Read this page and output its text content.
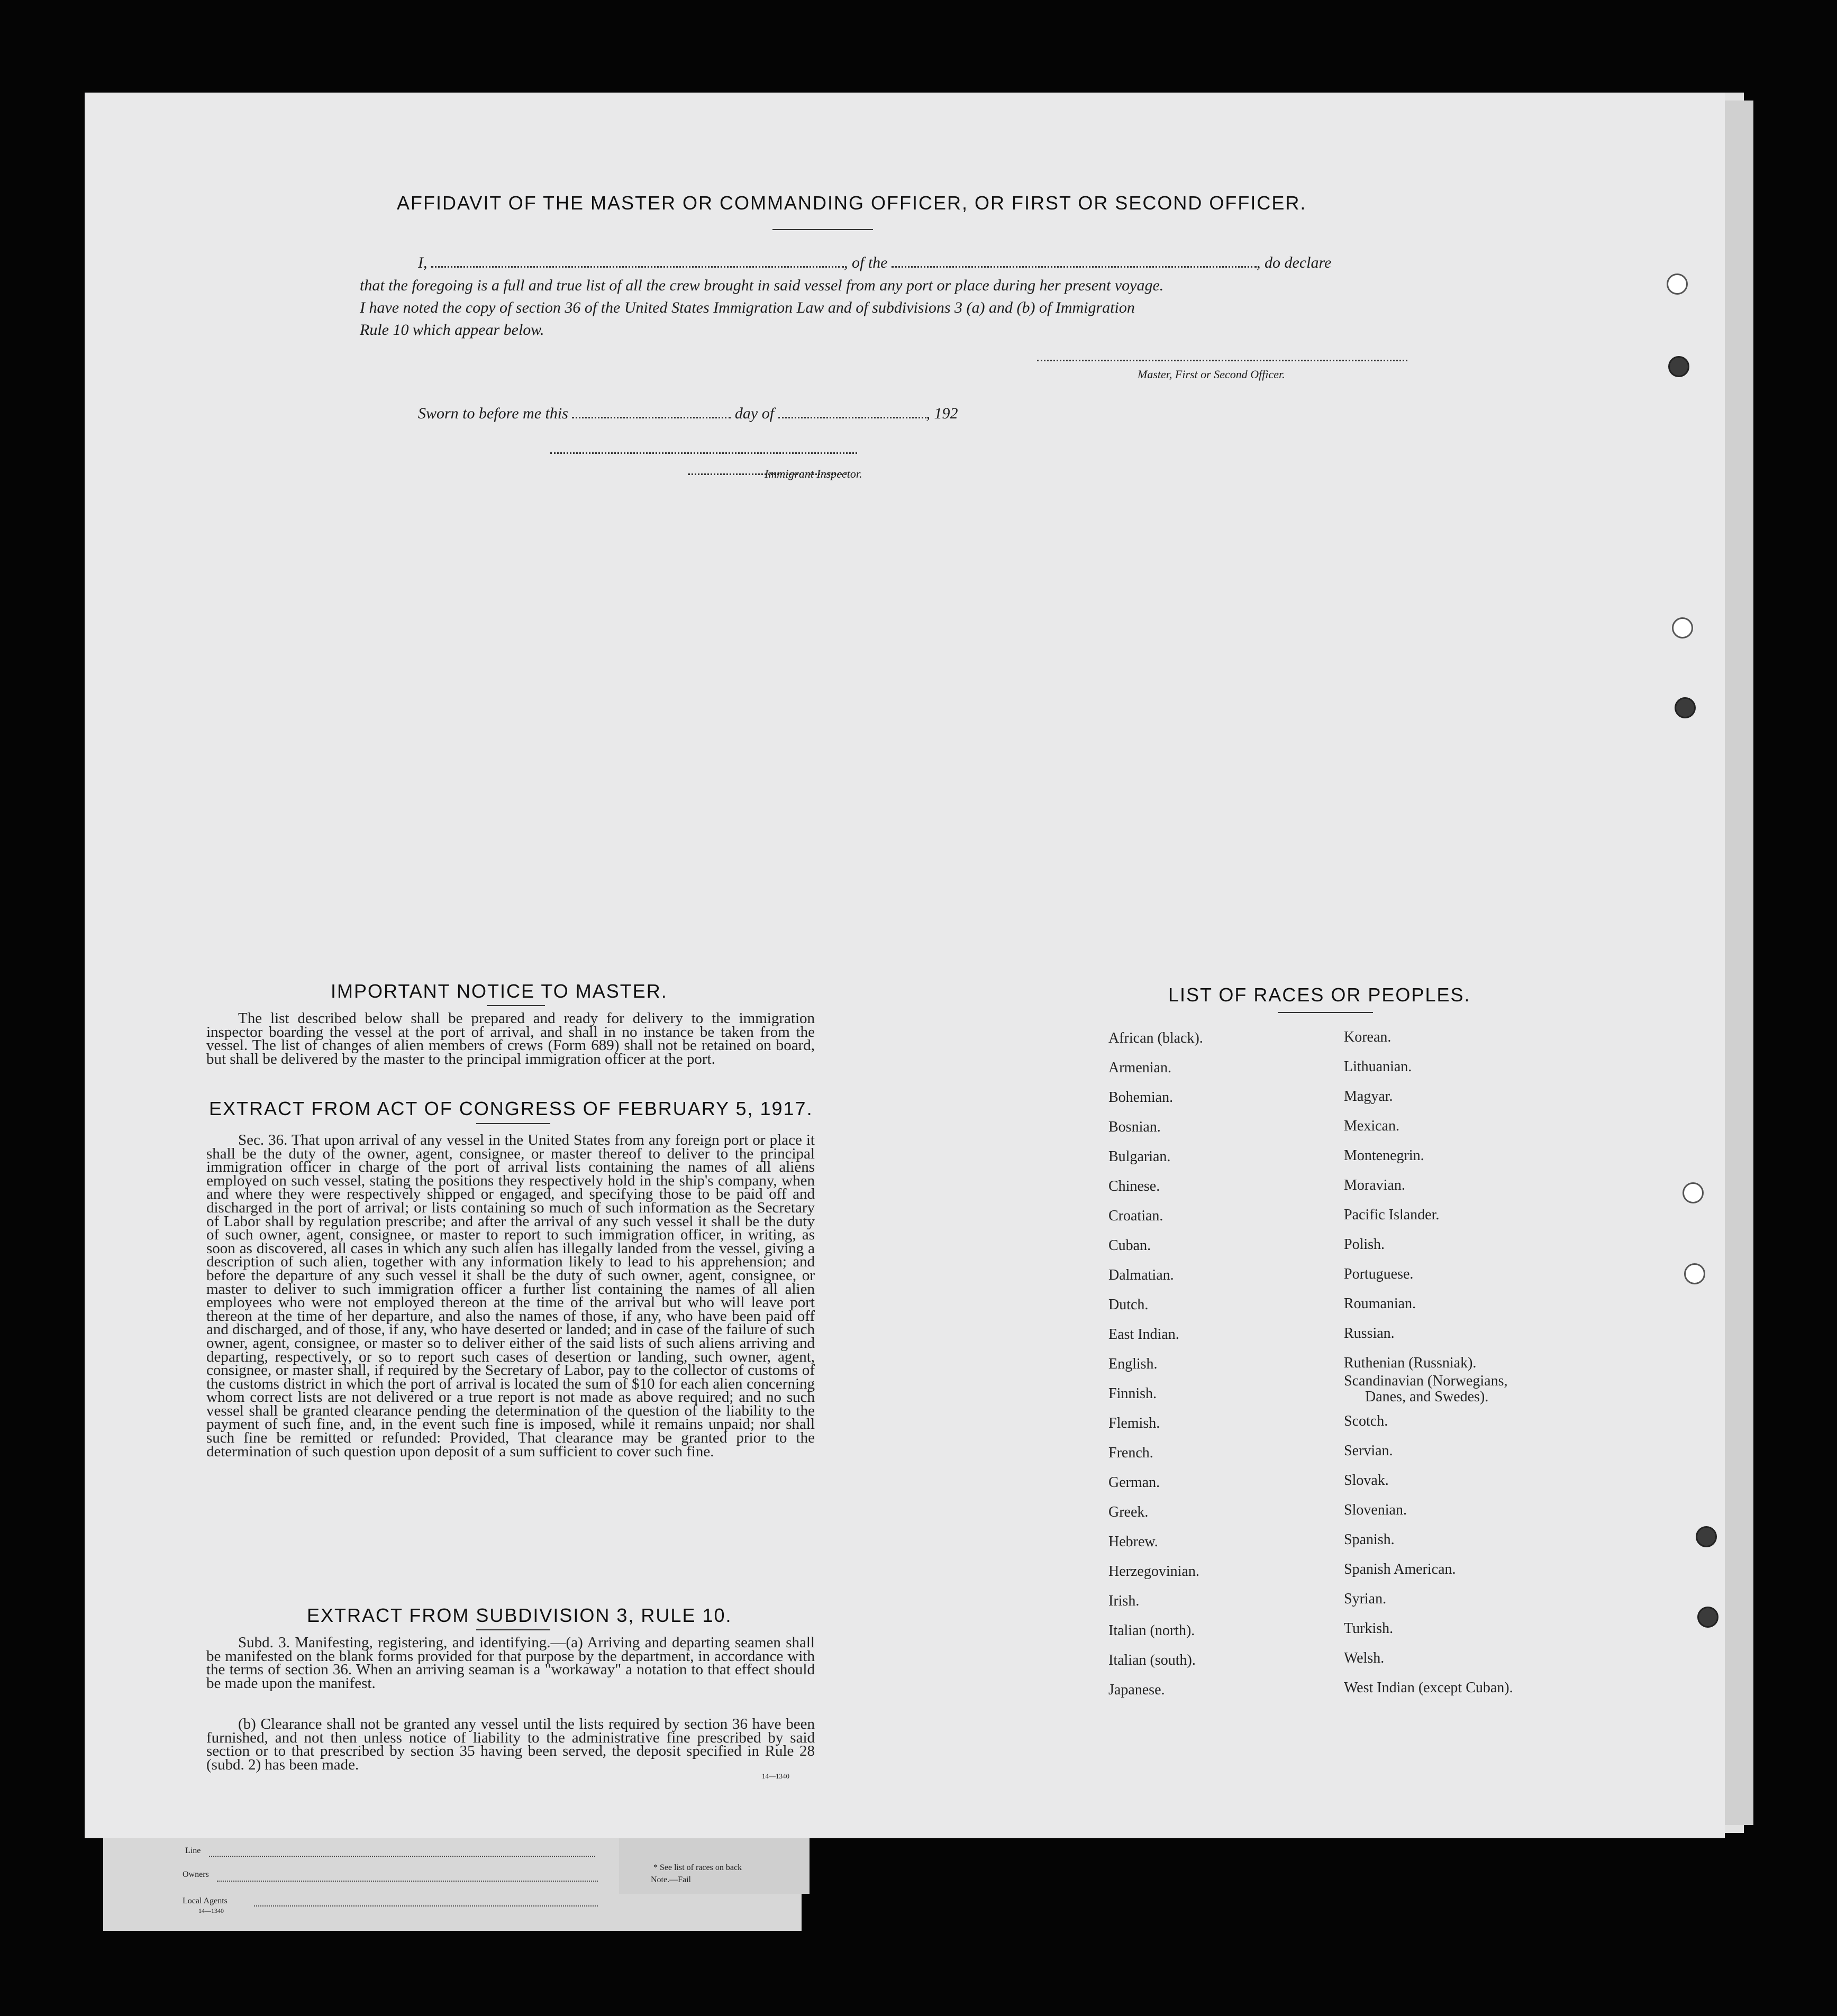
AFFIDAVIT OF THE MASTER OR COMMANDING OFFICER, OR FIRST OR SECOND OFFICER.
I,	, of the	, do declare
that the foregoing is a full and true list of all the crew brought in said vessel from any port or place during her present voyage.
I have noted the copy of section 36 of the United States Immigration Law and of subdivisions 3 (a) and (b) of Immigration
Rule 10 which appear below.
Master, First or Second Officer.
Sworn to before me this	day of	, 192
Immigrant Inspector.
IMPORTANT NOTICE TO MASTER.
The list described below shall be prepared and ready for delivery to the immigration inspector boarding the vessel at the port of arrival, and shall in no instance be taken from the vessel. The list of changes of alien members of crews (Form 689) shall not be retained on board, but shall be delivered by the master to the principal immigration officer at the port.
EXTRACT FROM ACT OF CONGRESS OF FEBRUARY 5, 1917.
Sec. 36. That upon arrival of any vessel in the United States from any foreign port or place it shall be the duty of the owner, agent, consignee, or master thereof to deliver to the principal immigration officer in charge of the port of arrival lists containing the names of all aliens employed on such vessel, stating the positions they respectively hold in the ship's company, when and where they were respectively shipped or engaged, and specifying those to be paid off and discharged in the port of arrival; or lists containing so much of such information as the Secretary of Labor shall by regulation prescribe; and after the arrival of any such vessel it shall be the duty of such owner, agent, consignee, or master to report to such immigration officer, in writing, as soon as discovered, all cases in which any such alien has illegally landed from the vessel, giving a description of such alien, together with any information likely to lead to his apprehension; and before the departure of any such vessel it shall be the duty of such owner, agent, consignee, or master to deliver to such immigration officer a further list containing the names of all alien employees who were not employed thereon at the time of the arrival but who will leave port thereon at the time of her departure, and also the names of those, if any, who have been paid off and discharged, and of those, if any, who have deserted or landed; and in case of the failure of such owner, agent, consignee, or master so to deliver either of the said lists of such aliens arriving and departing, respectively, or so to report such cases of desertion or landing, such owner, agent, consignee, or master shall, if required by the Secretary of Labor, pay to the collector of customs of the customs district in which the port of arrival is located the sum of $10 for each alien concerning whom correct lists are not delivered or a true report is not made as above required; and no such vessel shall be granted clearance pending the determination of the question of the liability to the payment of such fine, and, in the event such fine is imposed, while it remains unpaid; nor shall such fine be remitted or refunded: Provided, That clearance may be granted prior to the determination of such question upon deposit of a sum sufficient to cover such fine.
EXTRACT FROM SUBDIVISION 3, RULE 10.
Subd. 3. Manifesting, registering, and identifying.—(a) Arriving and departing seamen shall be manifested on the blank forms provided for that purpose by the department, in accordance with the terms of section 36. When an arriving seaman is a "workaway" a notation to that effect should be made upon the manifest.
(b) Clearance shall not be granted any vessel until the lists required by section 36 have been furnished, and not then unless notice of liability to the administrative fine prescribed by said section or to that prescribed by section 35 having been served, the deposit specified in Rule 28 (subd. 2) has been made.
14—1340
LIST OF RACES OR PEOPLES.
African (black).
Armenian.
Bohemian.
Bosnian.
Bulgarian.
Chinese.
Croatian.
Cuban.
Dalmatian.
Dutch.
East Indian.
English.
Finnish.
Flemish.
French.
German.
Greek.
Hebrew.
Herzegovinian.
Irish.
Italian (north).
Italian (south).
Japanese.
Korean.
Lithuanian.
Magyar.
Mexican.
Montenegrin.
Moravian.
Pacific Islander.
Polish.
Portuguese.
Roumanian.
Russian.
Ruthenian (Russniak).
Scandinavian (Norwegians,
Danes, and Swedes).
Scotch.
Servian.
Slovak.
Slovenian.
Spanish.
Spanish American.
Syrian.
Turkish.
Welsh.
West Indian (except Cuban).
Line
Owners
Local Agents
14—1340
* See list of races on back
Note.—Fail
